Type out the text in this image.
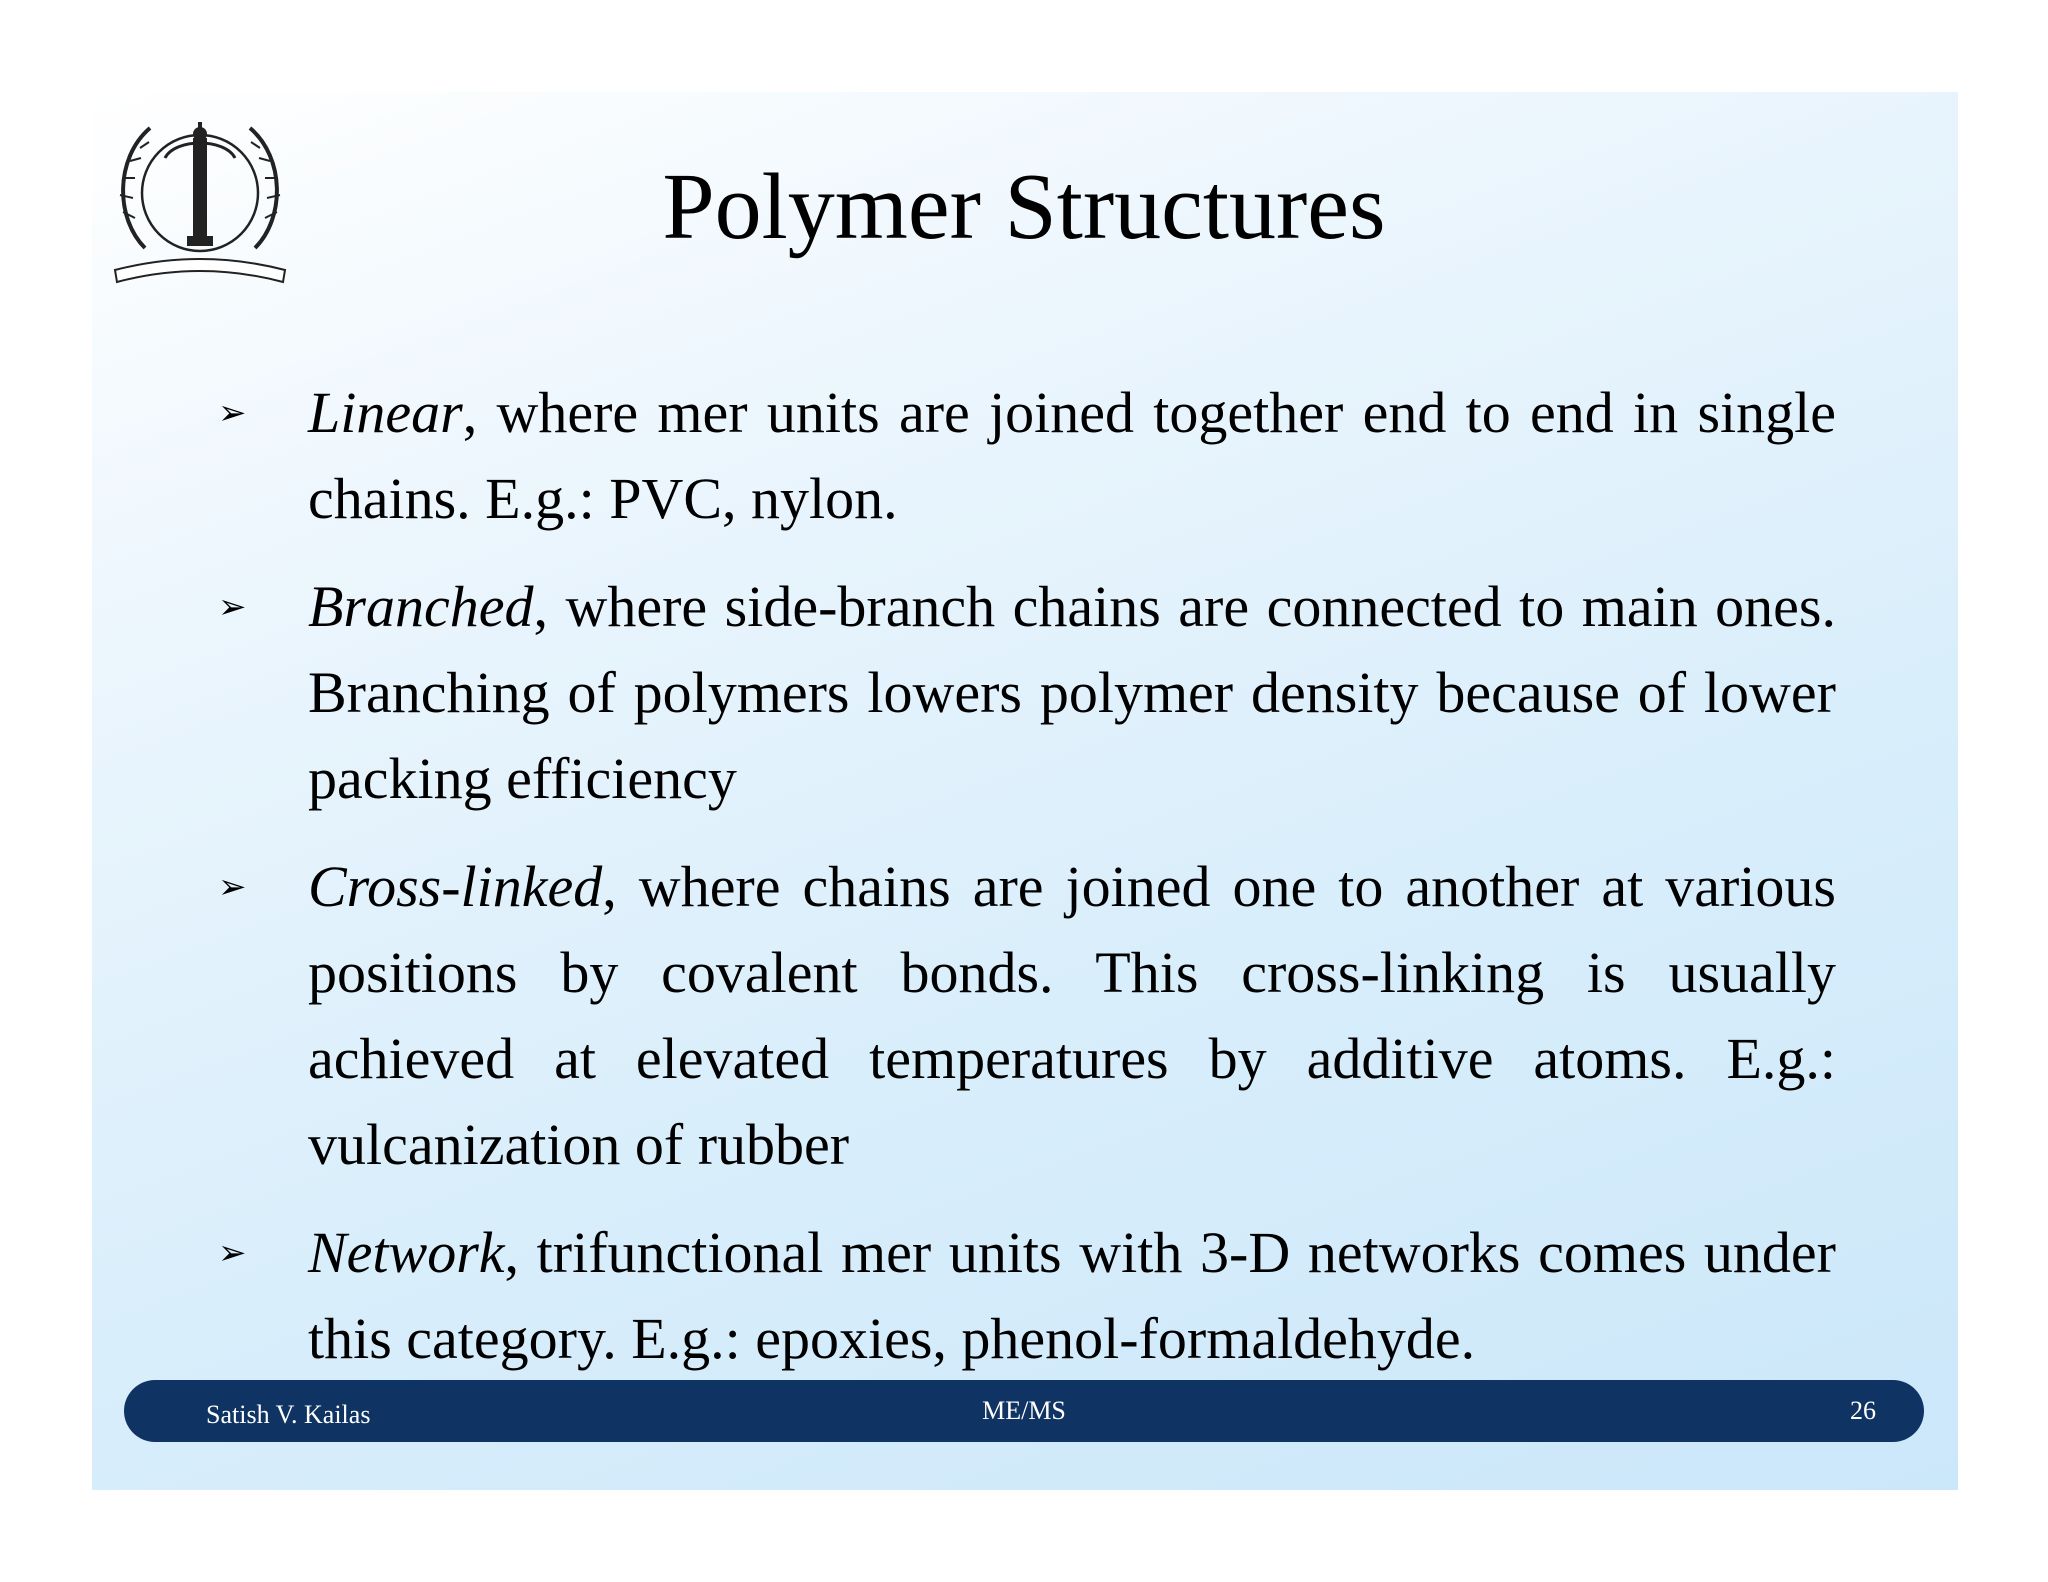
Polymer Structures
➢ Linear, where mer units are joined together end to end in single chains. E.g.: PVC, nylon.
➢ Branched, where side-branch chains are connected to main ones. Branching of polymers lowers polymer density because of lower packing efficiency
➢ Cross-linked, where chains are joined one to another at various positions by covalent bonds. This cross-linking is usually achieved at elevated temperatures by additive atoms. E.g.: vulcanization of rubber
➢ Network, trifunctional mer units with 3-D networks comes under this category. E.g.: epoxies, phenol-formaldehyde.
Satish V. Kailas	ME/MS	26
